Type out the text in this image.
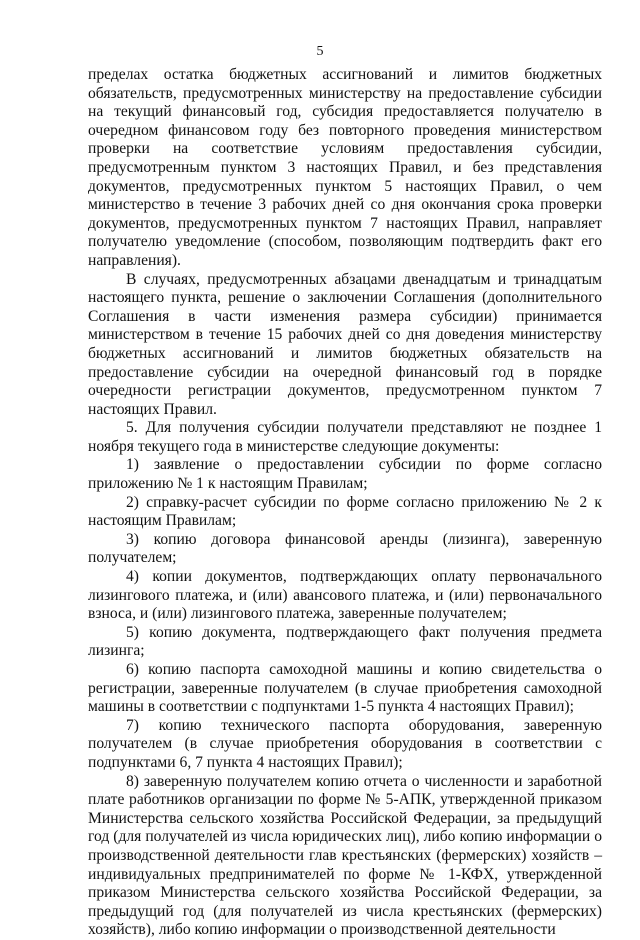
5

пределах остатка бюджетных ассигнований и лимитов бюджетных обязательств, предусмотренных министерству на предоставление субсидии на текущий финансовый год, субсидия предоставляется получателю в очередном финансовом году без повторного проведения министерством проверки на соответствие условиям предоставления субсидии, предусмотренным пунктом 3 настоящих Правил, и без представления документов, предусмотренных пунктом 5 настоящих Правил, о чем министерство в течение 3 рабочих дней со дня окончания срока проверки документов, предусмотренных пунктом 7 настоящих Правил, направляет получателю уведомление (способом, позволяющим подтвердить факт его направления).

В случаях, предусмотренных абзацами двенадцатым и тринадцатым настоящего пункта, решение о заключении Соглашения (дополнительного Соглашения в части изменения размера субсидии) принимается министерством в течение 15 рабочих дней со дня доведения министерству бюджетных ассигнований и лимитов бюджетных обязательств на предоставление субсидии на очередной финансовый год в порядке очередности регистрации документов, предусмотренном пунктом 7 настоящих Правил.

5. Для получения субсидии получатели представляют не позднее 1 ноября текущего года в министерстве следующие документы:

1) заявление о предоставлении субсидии по форме согласно приложению № 1 к настоящим Правилам;

2) справку-расчет субсидии по форме согласно приложению № 2 к настоящим Правилам;

3) копию договора финансовой аренды (лизинга), заверенную получателем;

4) копии документов, подтверждающих оплату первоначального лизингового платежа, и (или) авансового платежа, и (или) первоначального взноса, и (или) лизингового платежа, заверенные получателем;

5) копию документа, подтверждающего факт получения предмета лизинга;

6) копию паспорта самоходной машины и копию свидетельства о регистрации, заверенные получателем (в случае приобретения самоходной машины в соответствии с подпунктами 1-5 пункта 4 настоящих Правил);

7) копию технического паспорта оборудования, заверенную получателем (в случае приобретения оборудования в соответствии с подпунктами 6, 7 пункта 4 настоящих Правил);

8) заверенную получателем копию отчета о численности и заработной плате работников организации по форме № 5-АПК, утвержденной приказом Министерства сельского хозяйства Российской Федерации, за предыдущий год (для получателей из числа юридических лиц), либо копию информации о производственной деятельности глав крестьянских (фермерских) хозяйств – индивидуальных предпринимателей по форме № 1-КФХ, утвержденной приказом Министерства сельского хозяйства Российской Федерации, за предыдущий год (для получателей из числа крестьянских (фермерских) хозяйств), либо копию информации о производственной деятельности
